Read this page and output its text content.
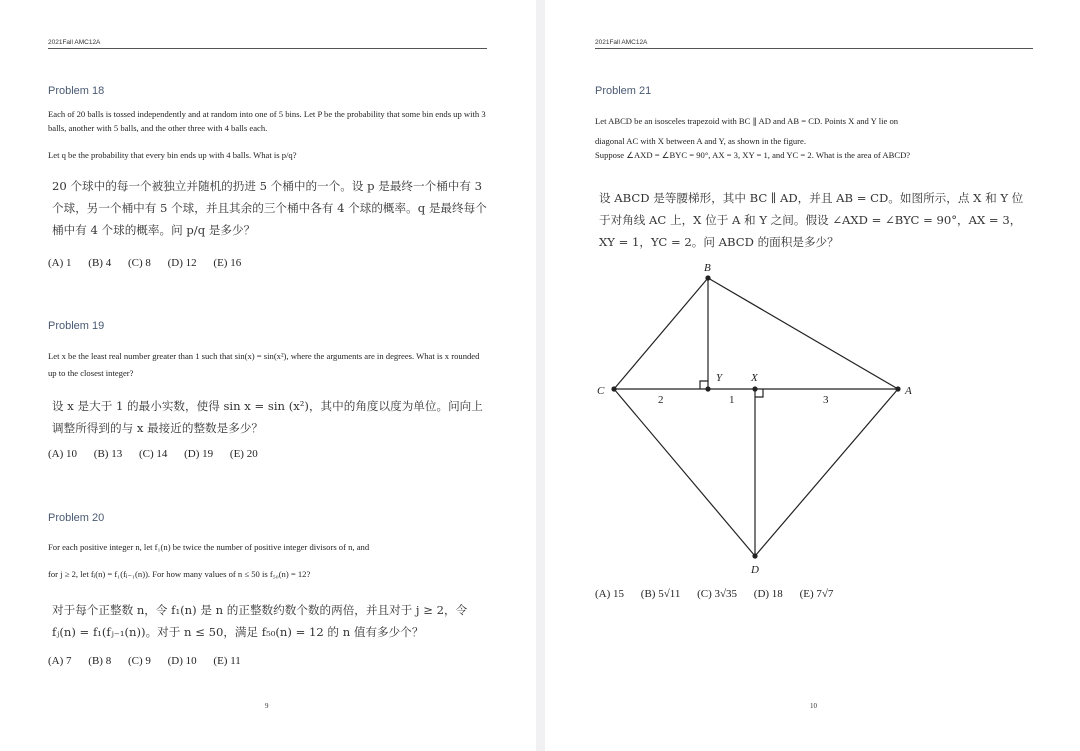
2021Fall AMC12A
Problem 18
Each of 20 balls is tossed independently and at random into one of 5 bins. Let P be the probability that some bin ends up with 3 balls, another with 5 balls, and the other three with 4 balls each.
Let q be the probability that every bin ends up with 4 balls. What is p/q?
20 个球中的每一个被独立并随机的扔进 5 个桶中的一个。设 p 是最终一个桶中有 3 个球，另一个桶中有 5 个球，并且其余的三个桶中各有 4 个球的概率。q 是最终每个桶中有 4 个球的概率。问 p/q 是多少？
(A) 1 (B) 4 (C) 8 (D) 12 (E) 16
Problem 19
Let x be the least real number greater than 1 such that sin(x) = sin(x²), where the arguments are in degrees. What is x rounded up to the closest integer?
设 x 是大于 1 的最小实数，使得 sin x = sin (x²)，其中的角度以度为单位。问向上调整所得到的与 x 最接近的整数是多少？
(A) 10 (B) 13 (C) 14 (D) 19 (E) 20
Problem 20
For each positive integer n, let f₁(n) be twice the number of positive integer divisors of n, and
for j ≥ 2, let fⱼ(n) = f₁(fⱼ₋₁(n)). For how many values of n ≤ 50 is f₅₀(n) = 12?
对于每个正整数 n，令 f₁(n) 是 n 的正整数约数个数的两倍，并且对于 j ≥ 2，令 fⱼ(n) = f₁(fⱼ₋₁(n))。对于 n ≤ 50，满足 f₅₀(n) = 12 的 n 值有多少个？
(A) 7 (B) 8 (C) 9 (D) 10 (E) 11
9
2021Fall AMC12A
Problem 21
Let ABCD be an isosceles trapezoid with BC ∥ AD and AB = CD. Points X and Y lie on
diagonal AC with X between A and Y, as shown in the figure.
Suppose ∠AXD = ∠BYC = 90°, AX = 3, XY = 1, and YC = 2. What is the area of ABCD?
设 ABCD 是等腰梯形，其中 BC ∥ AD，并且 AB = CD。如图所示，点 X 和 Y 位于对角线 AC 上，X 位于 A 和 Y 之间。假设 ∠AXD = ∠BYC = 90°，AX = 3，XY = 1，YC = 2。问 ABCD 的面积是多少？
B
C
Y	X
A
D
2	1	3
(A) 15 (B) 5√11 (C) 3√35 (D) 18 (E) 7√7
10
